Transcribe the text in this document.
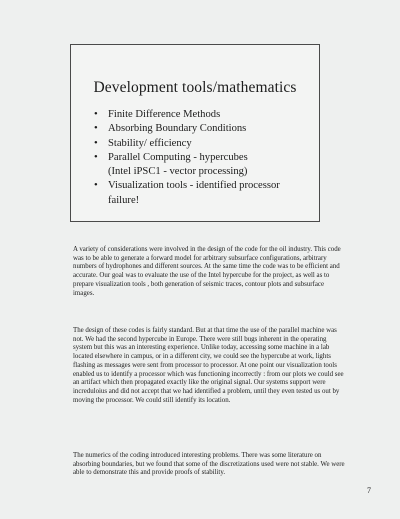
Development tools/mathematics
• Finite Difference Methods
• Absorbing Boundary Conditions
• Stability/ efficiency
• Parallel Computing - hypercubes
(Intel iPSC1 - vector processing)
• Visualization tools - identified processor
failure!

A variety of considerations were involved in the design of the code for the oil industry. This code was to be able to generate a forward model for arbitrary subsurface configurations, arbitrary numbers of hydrophones and different sources. At the same time the code was to be efficient and accurate. Our goal was to evaluate the use of the Intel hypercube for the project, as well as to prepare visualization tools , both generation of seismic traces, contour plots and subsurface images.

The design of these codes is fairly standard. But at that time the use of the parallel machine was not. We had the second hypercube in Europe. There were still bugs inherent in the operating system but this was an interesting experience. Unlike today, accessing some machine in a lab located elsewhere in campus, or in a different city, we could see the hypercube at work, lights flashing as messages were sent from processor to processor. At one point our visualization tools enabled us to identify a processor which was functioning incorrectly : from our plots we could see an artifact which then propagated exactly like the original signal. Our systems support were increduloius and did not accept that we had identified a problem, until they even tested us out by moving the processor. We could still identify its location.

The numerics of the coding introduced interesting problems. There was some literature on absorbing boundaries, but we found that some of the discretizations used were not stable. We were able to demonstrate this and provide proofs of stability.

7
